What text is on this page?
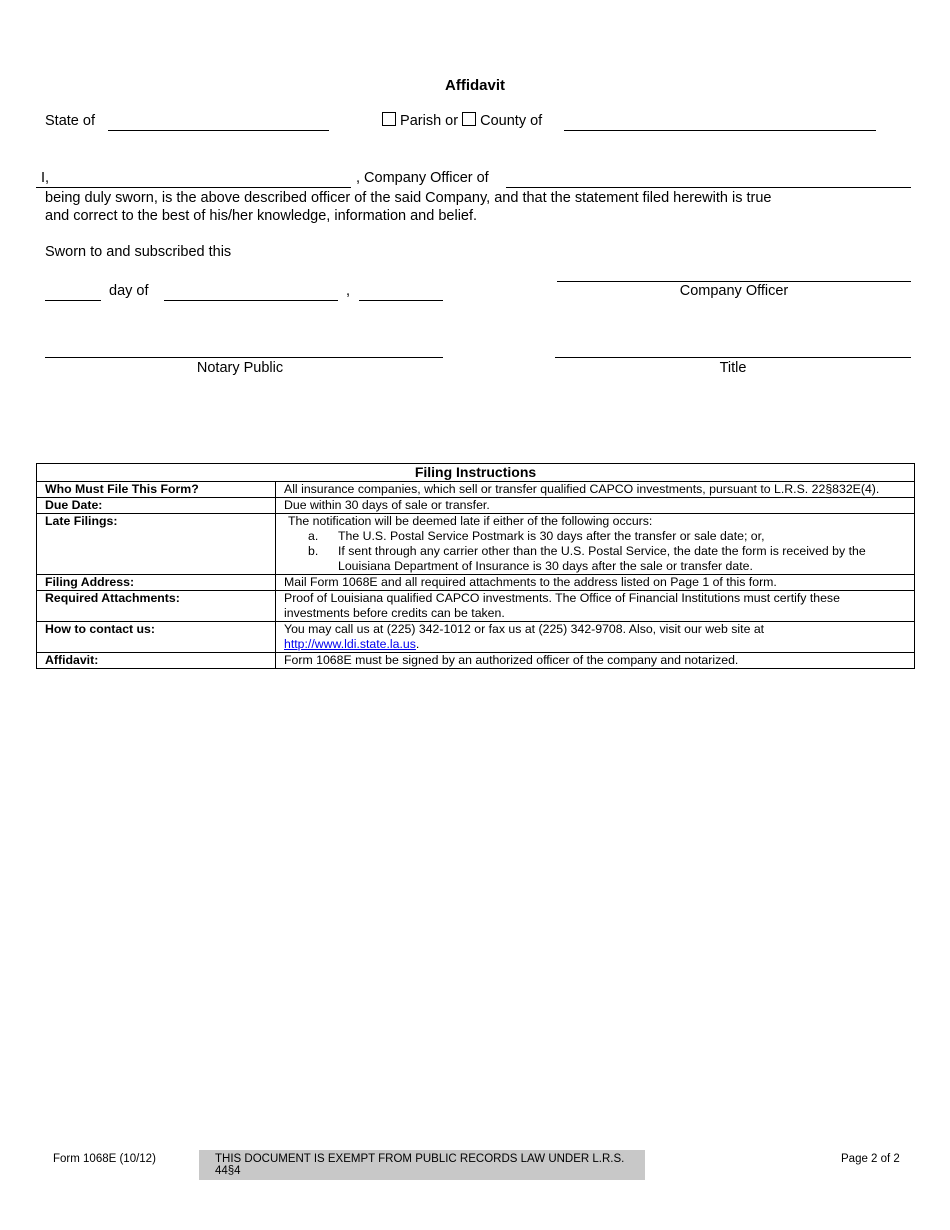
Affidavit
State of	Parish or County of
I,	, Company Officer of
being duly sworn, is the above described officer of the said Company, and that the statement filed herewith is true
and correct to the best of his/her knowledge, information and belief.
Sworn to and subscribed this
day of	,	Company Officer
Notary Public	Title
Filing Instructions	
Who Must File This Form?	All insurance companies, which sell or transfer qualified CAPCO investments, pursuant to L.R.S. 22§832E(4).
Due Date:	Due within 30 days of sale or transfer.
Late Filings:	The notification will be deemed late if either of the following occurs:
a. The U.S. Postal Service Postmark is 30 days after the transfer or sale date; or,
b. If sent through any carrier other than the U.S. Postal Service, the date the form is received by the Louisiana Department of Insurance is 30 days after the sale or transfer date.

Filing Address:	Mail Form 1068E and all required attachments to the address listed on Page 1 of this form.
Required Attachments:	Proof of Louisiana qualified CAPCO investments. The Office of Financial Institutions must certify these investments before credits can be taken.
How to contact us:	You may call us at (225) 342-1012 or fax us at (225) 342-9708. Also, visit our web site at
http://www.ldi.state.la.us.
Affidavit:	Form 1068E must be signed by an authorized officer of the company and notarized.
Form 1068E (10/12)	THIS DOCUMENT IS EXEMPT FROM PUBLIC RECORDS LAW UNDER L.R.S. 44§4
Page 2 of 2
